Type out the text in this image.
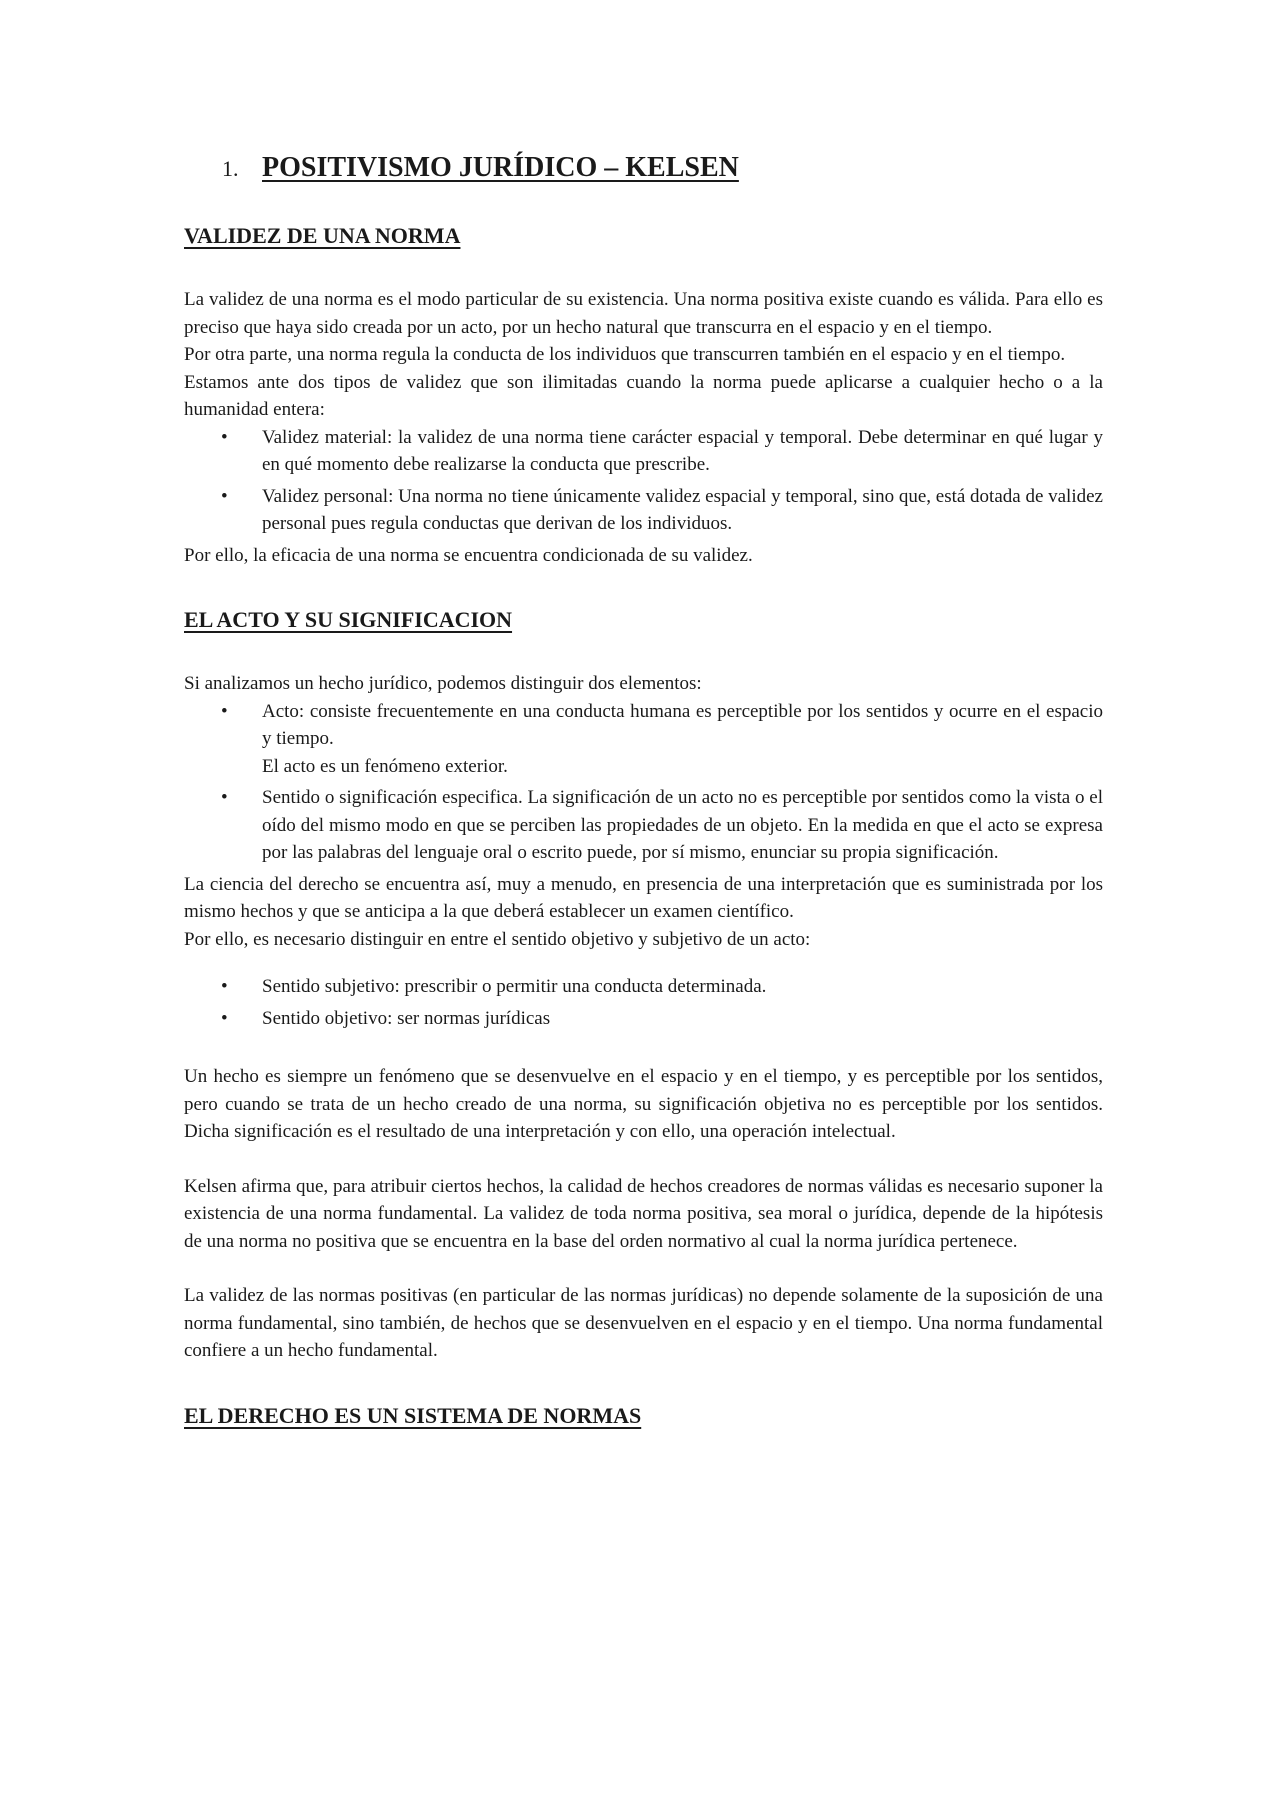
1. POSITIVISMO JURÍDICO – KELSEN
VALIDEZ DE UNA NORMA

La validez de una norma es el modo particular de su existencia. Una norma positiva existe cuando es válida. Para ello es preciso que haya sido creada por un acto, por un hecho natural que transcurra en el espacio y en el tiempo.

Por otra parte, una norma regula la conducta de los individuos que transcurren también en el espacio y en el tiempo.

Estamos ante dos tipos de validez que son ilimitadas cuando la norma puede aplicarse a cualquier hecho o a la humanidad entera:

• Validez material: la validez de una norma tiene carácter espacial y temporal. Debe determinar en qué lugar y en qué momento debe realizarse la conducta que prescribe.
• Validez personal: Una norma no tiene únicamente validez espacial y temporal, sino que, está dotada de validez personal pues regula conductas que derivan de los individuos.

Por ello, la eficacia de una norma se encuentra condicionada de su validez.

EL ACTO Y SU SIGNIFICACION

Si analizamos un hecho jurídico, podemos distinguir dos elementos:

• Acto: consiste frecuentemente en una conducta humana es perceptible por los sentidos y ocurre en el espacio y tiempo.
El acto es un fenómeno exterior.
• Sentido o significación especifica. La significación de un acto no es perceptible por sentidos como la vista o el oído del mismo modo en que se perciben las propiedades de un objeto. En la medida en que el acto se expresa por las palabras del lenguaje oral o escrito puede, por sí mismo, enunciar su propia significación.

La ciencia del derecho se encuentra así, muy a menudo, en presencia de una interpretación que es suministrada por los mismo hechos y que se anticipa a la que deberá establecer un examen científico.

Por ello, es necesario distinguir en entre el sentido objetivo y subjetivo de un acto:

• Sentido subjetivo: prescribir o permitir una conducta determinada.
• Sentido objetivo: ser normas jurídicas

Un hecho es siempre un fenómeno que se desenvuelve en el espacio y en el tiempo, y es perceptible por los sentidos, pero cuando se trata de un hecho creado de una norma, su significación objetiva no es perceptible por los sentidos. Dicha significación es el resultado de una interpretación y con ello, una operación intelectual.

Kelsen afirma que, para atribuir ciertos hechos, la calidad de hechos creadores de normas válidas es necesario suponer la existencia de una norma fundamental. La validez de toda norma positiva, sea moral o jurídica, depende de la hipótesis de una norma no positiva que se encuentra en la base del orden normativo al cual la norma jurídica pertenece.

La validez de las normas positivas (en particular de las normas jurídicas) no depende solamente de la suposición de una norma fundamental, sino también, de hechos que se desenvuelven en el espacio y en el tiempo. Una norma fundamental confiere a un hecho fundamental.

EL DERECHO ES UN SISTEMA DE NORMAS
